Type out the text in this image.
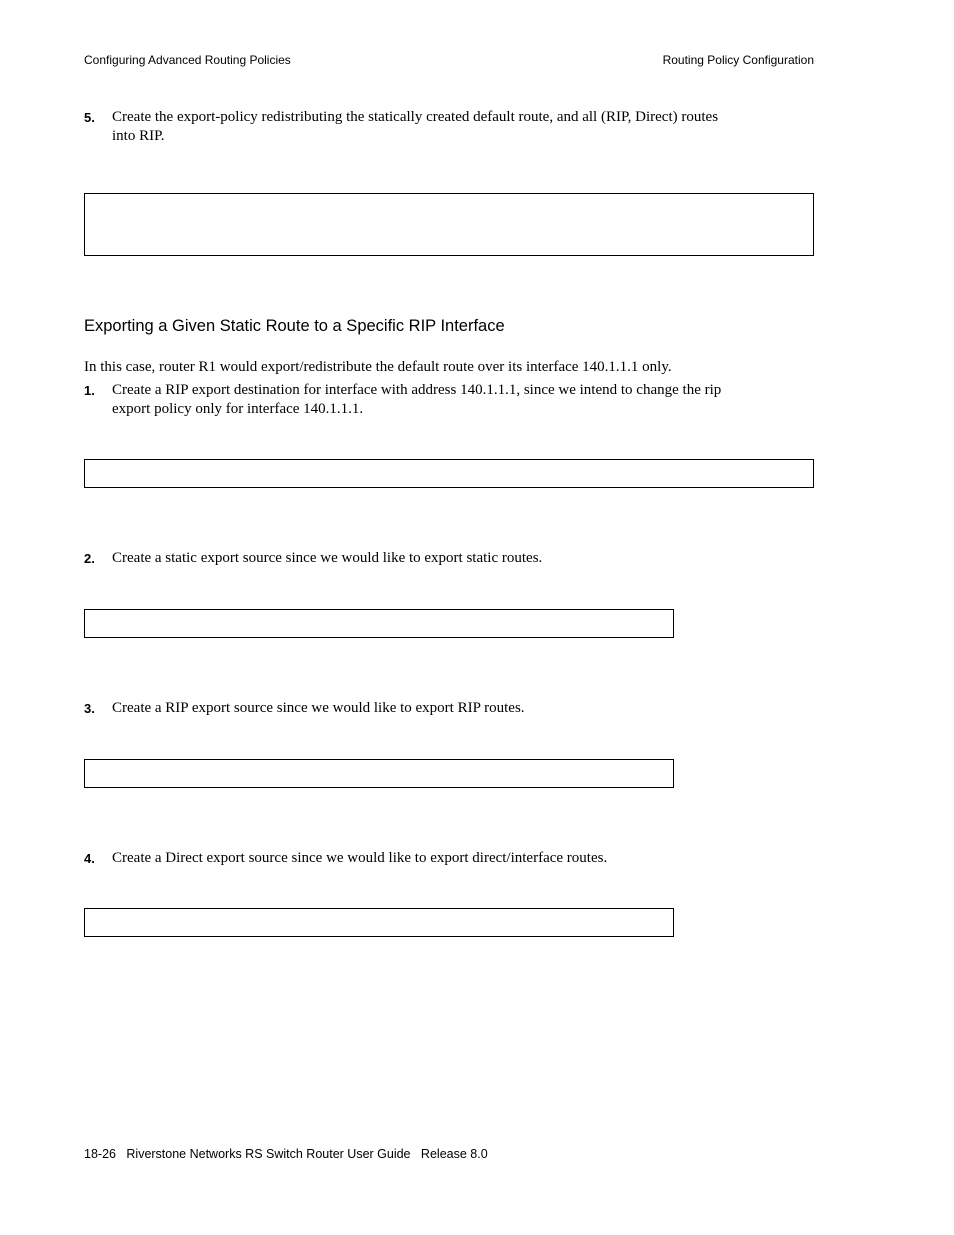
Configuring Advanced Routing Policies	Routing Policy Configuration
5. Create the export-policy redistributing the statically created default route, and all (RIP, Direct) routes into RIP.
Exporting a Given Static Route to a Specific RIP Interface
In this case, router R1 would export/redistribute the default route over its interface 140.1.1.1 only.
1. Create a RIP export destination for interface with address 140.1.1.1, since we intend to change the rip export policy only for interface 140.1.1.1.
2. Create a static export source since we would like to export static routes.
3. Create a RIP export source since we would like to export RIP routes.
4. Create a Direct export source since we would like to export direct/interface routes.
18-26   Riverstone Networks RS Switch Router User Guide   Release 8.0
